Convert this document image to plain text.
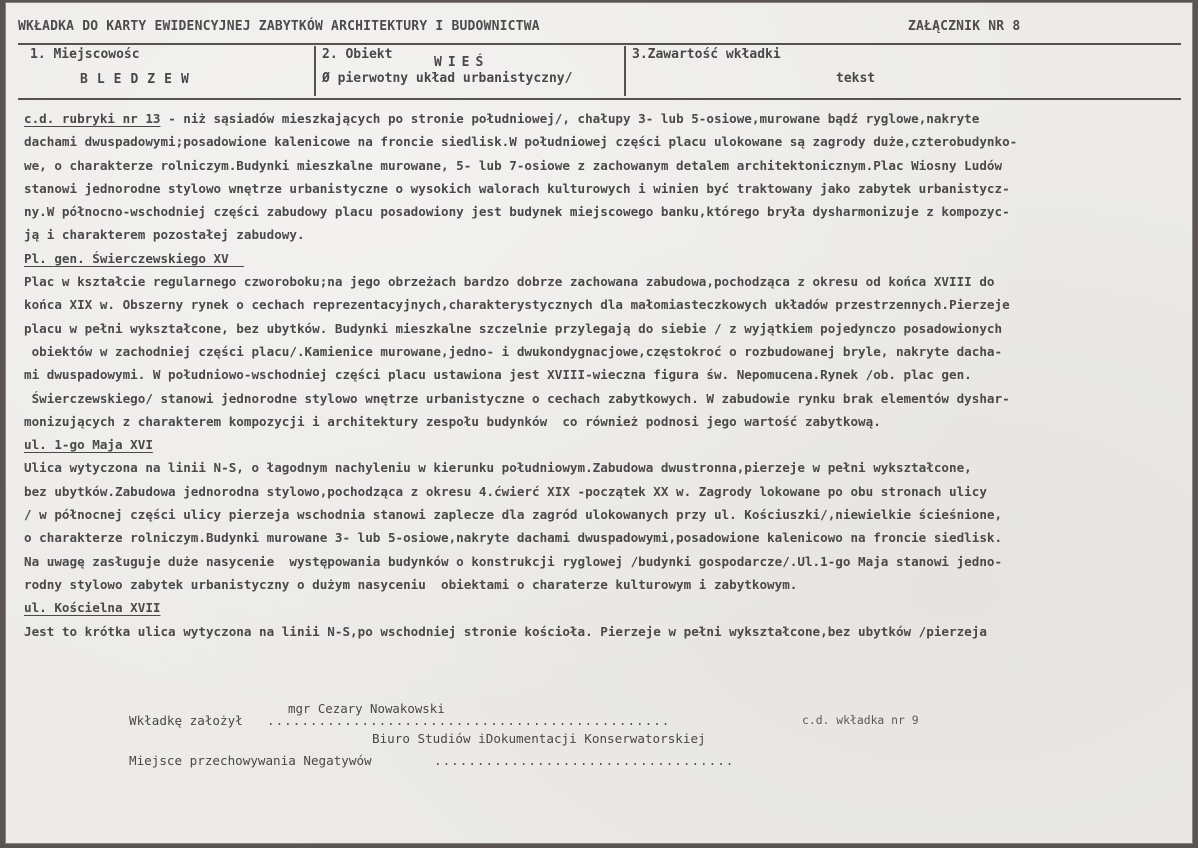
WKŁADKA DO KARTY EWIDENCYJNEJ ZABYTKÓW ARCHITEKTURY I BUDOWNICTWA	ZAŁĄCZNIK NR 8
1. Miejscowośc
BLEDZEW
2. Obiekt
WIEŚ
Ø pierwotny układ urbanistyczny/
3.Zawartość wkładki
tekst
c.d. rubryki nr 13 - niż sąsiadów mieszkających po stronie południowej/, chałupy 3- lub 5-osiowe,murowane bądź ryglowe,nakryte
dachami dwuspadowymi;posadowione kalenicowe na froncie siedlisk.W południowej części placu ulokowane są zagrody duże,czterobudynko-
we, o charakterze rolniczym.Budynki mieszkalne murowane, 5- lub 7-osiowe z zachowanym detalem architektonicznym.Plac Wiosny Ludów
stanowi jednorodne stylowo wnętrze urbanistyczne o wysokich walorach kulturowych i winien być traktowany jako zabytek urbanistycz-
ny.W północno-wschodniej części zabudowy placu posadowiony jest budynek miejscowego banku,którego bryła dysharmonizuje z kompozyc-
ją i charakterem pozostałej zabudowy.
Pl. gen. Świerczewskiego XV
Plac w kształcie regularnego czworoboku;na jego obrzeżach bardzo dobrze zachowana zabudowa,pochodząca z okresu od końca XVIII do
końca XIX w. Obszerny rynek o cechach reprezentacyjnych,charakterystycznych dla małomiasteczkowych układów przestrzennych.Pierzeje
placu w pełni wykształcone, bez ubytków. Budynki mieszkalne szczelnie przylegają do siebie / z wyjątkiem pojedynczo posadowionych
obiektów w zachodniej części placu/.Kamienice murowane,jedno- i dwukondygnacjowe,częstokroć o rozbudowanej bryle, nakryte dacha-
mi dwuspadowymi. W południowo-wschodniej części placu ustawiona jest XVIII-wieczna figura św. Nepomucena.Rynek /ob. plac gen.
Świerczewskiego/ stanowi jednorodne stylowo wnętrze urbanistyczne o cechach zabytkowych. W zabudowie rynku brak elementów dyshar-
monizujących z charakterem kompozycji i architektury zespołu budynków  co również podnosi jego wartość zabytkową.
ul. 1-go Maja XVI
Ulica wytyczona na linii N-S, o łagodnym nachyleniu w kierunku południowym.Zabudowa dwustronna,pierzeje w pełni wykształcone,
bez ubytków.Zabudowa jednorodna stylowo,pochodząca z okresu 4.ćwierć XIX -początek XX w. Zagrody lokowane po obu stronach ulicy
/ w północnej części ulicy pierzeja wschodnia stanowi zaplecze dla zagród ulokowanych przy ul. Kościuszki/,niewielkie ścieśnione,
o charakterze rolniczym.Budynki murowane 3- lub 5-osiowe,nakryte dachami dwuspadowymi,posadowione kalenicowo na froncie siedlisk.
Na uwagę zasługuje duże nasycenie  występowania budynków o konstrukcji ryglowej /budynki gospodarcze/.Ul.1-go Maja stanowi jedno-
rodny stylowo zabytek urbanistyczny o dużym nasyceniu  obiektami o charaterze kulturowym i zabytkowym.
ul. Kościelna XVII
Jest to krótka ulica wytyczona na linii N-S,po wschodniej stronie kościoła. Pierzeje w pełni wykształcone,bez ubytków /pierzeja
mgr Cezary Nowakowski
Wkładkę założył ...............................................	c.d. wkładka nr 9
Biuro Studiów iDokumentacji Konserwatorskiej
Miejsce przechowywania Negatywów	...................................
